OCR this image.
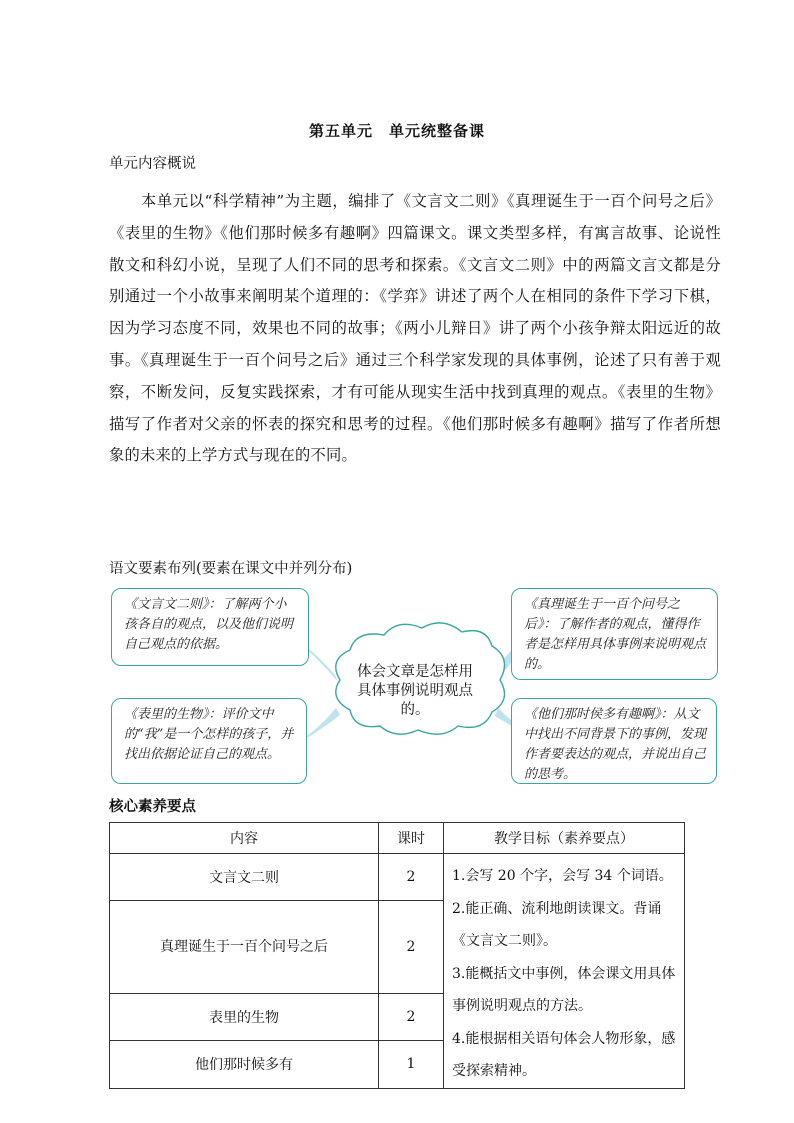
第五单元　单元统整备课
单元内容概说
本单元以“科学精神”为主题，编排了《文言文二则》《真理诞生于一百个问号之后》《表里的生物》《他们那时候多有趣啊》四篇课文。课文类型多样，有寓言故事、论说性散文和科幻小说，呈现了人们不同的思考和探索。《文言文二则》中的两篇文言文都是分别通过一个小故事来阐明某个道理的：《学弈》讲述了两个人在相同的条件下学习下棋，因为学习态度不同，效果也不同的故事；《两小儿辩日》讲了两个小孩争辩太阳远近的故事。《真理诞生于一百个问号之后》通过三个科学家发现的具体事例，论述了只有善于观察，不断发问，反复实践探索，才有可能从现实生活中找到真理的观点。《表里的生物》描写了作者对父亲的怀表的探究和思考的过程。《他们那时候多有趣啊》描写了作者所想象的未来的上学方式与现在的不同。
语文要素布列(要素在课文中并列分布)
体会文章是怎样用具体事例说明观点的。
《文言文二则》：了解两个小孩各自的观点，以及他们说明自己观点的依据。
《真理诞生于一百个问号之后》：了解作者的观点，懂得作者是怎样用具体事例来说明观点的。
《表里的生物》：评价文中的“我”是一个怎样的孩子，并找出依据论证自己的观点。
《他们那时侯多有趣啊》：从文中找出不同背景下的事例，发现作者要表达的观点，并说出自己的思考。
核心素养要点
内容	课时	教学目标（素养要点）
文言文二则	2	1.会写 20 个字，会写 34 个词语。
2.能正确、流利地朗读课文。背诵《文言文二则》。
3.能概括文中事例，体会课文用具体事例说明观点的方法。
4.能根据相关语句体会人物形象，感受探索精神。

真理诞生于一百个问号之后	2	
表里的生物	2	
他们那时候多有	1	
